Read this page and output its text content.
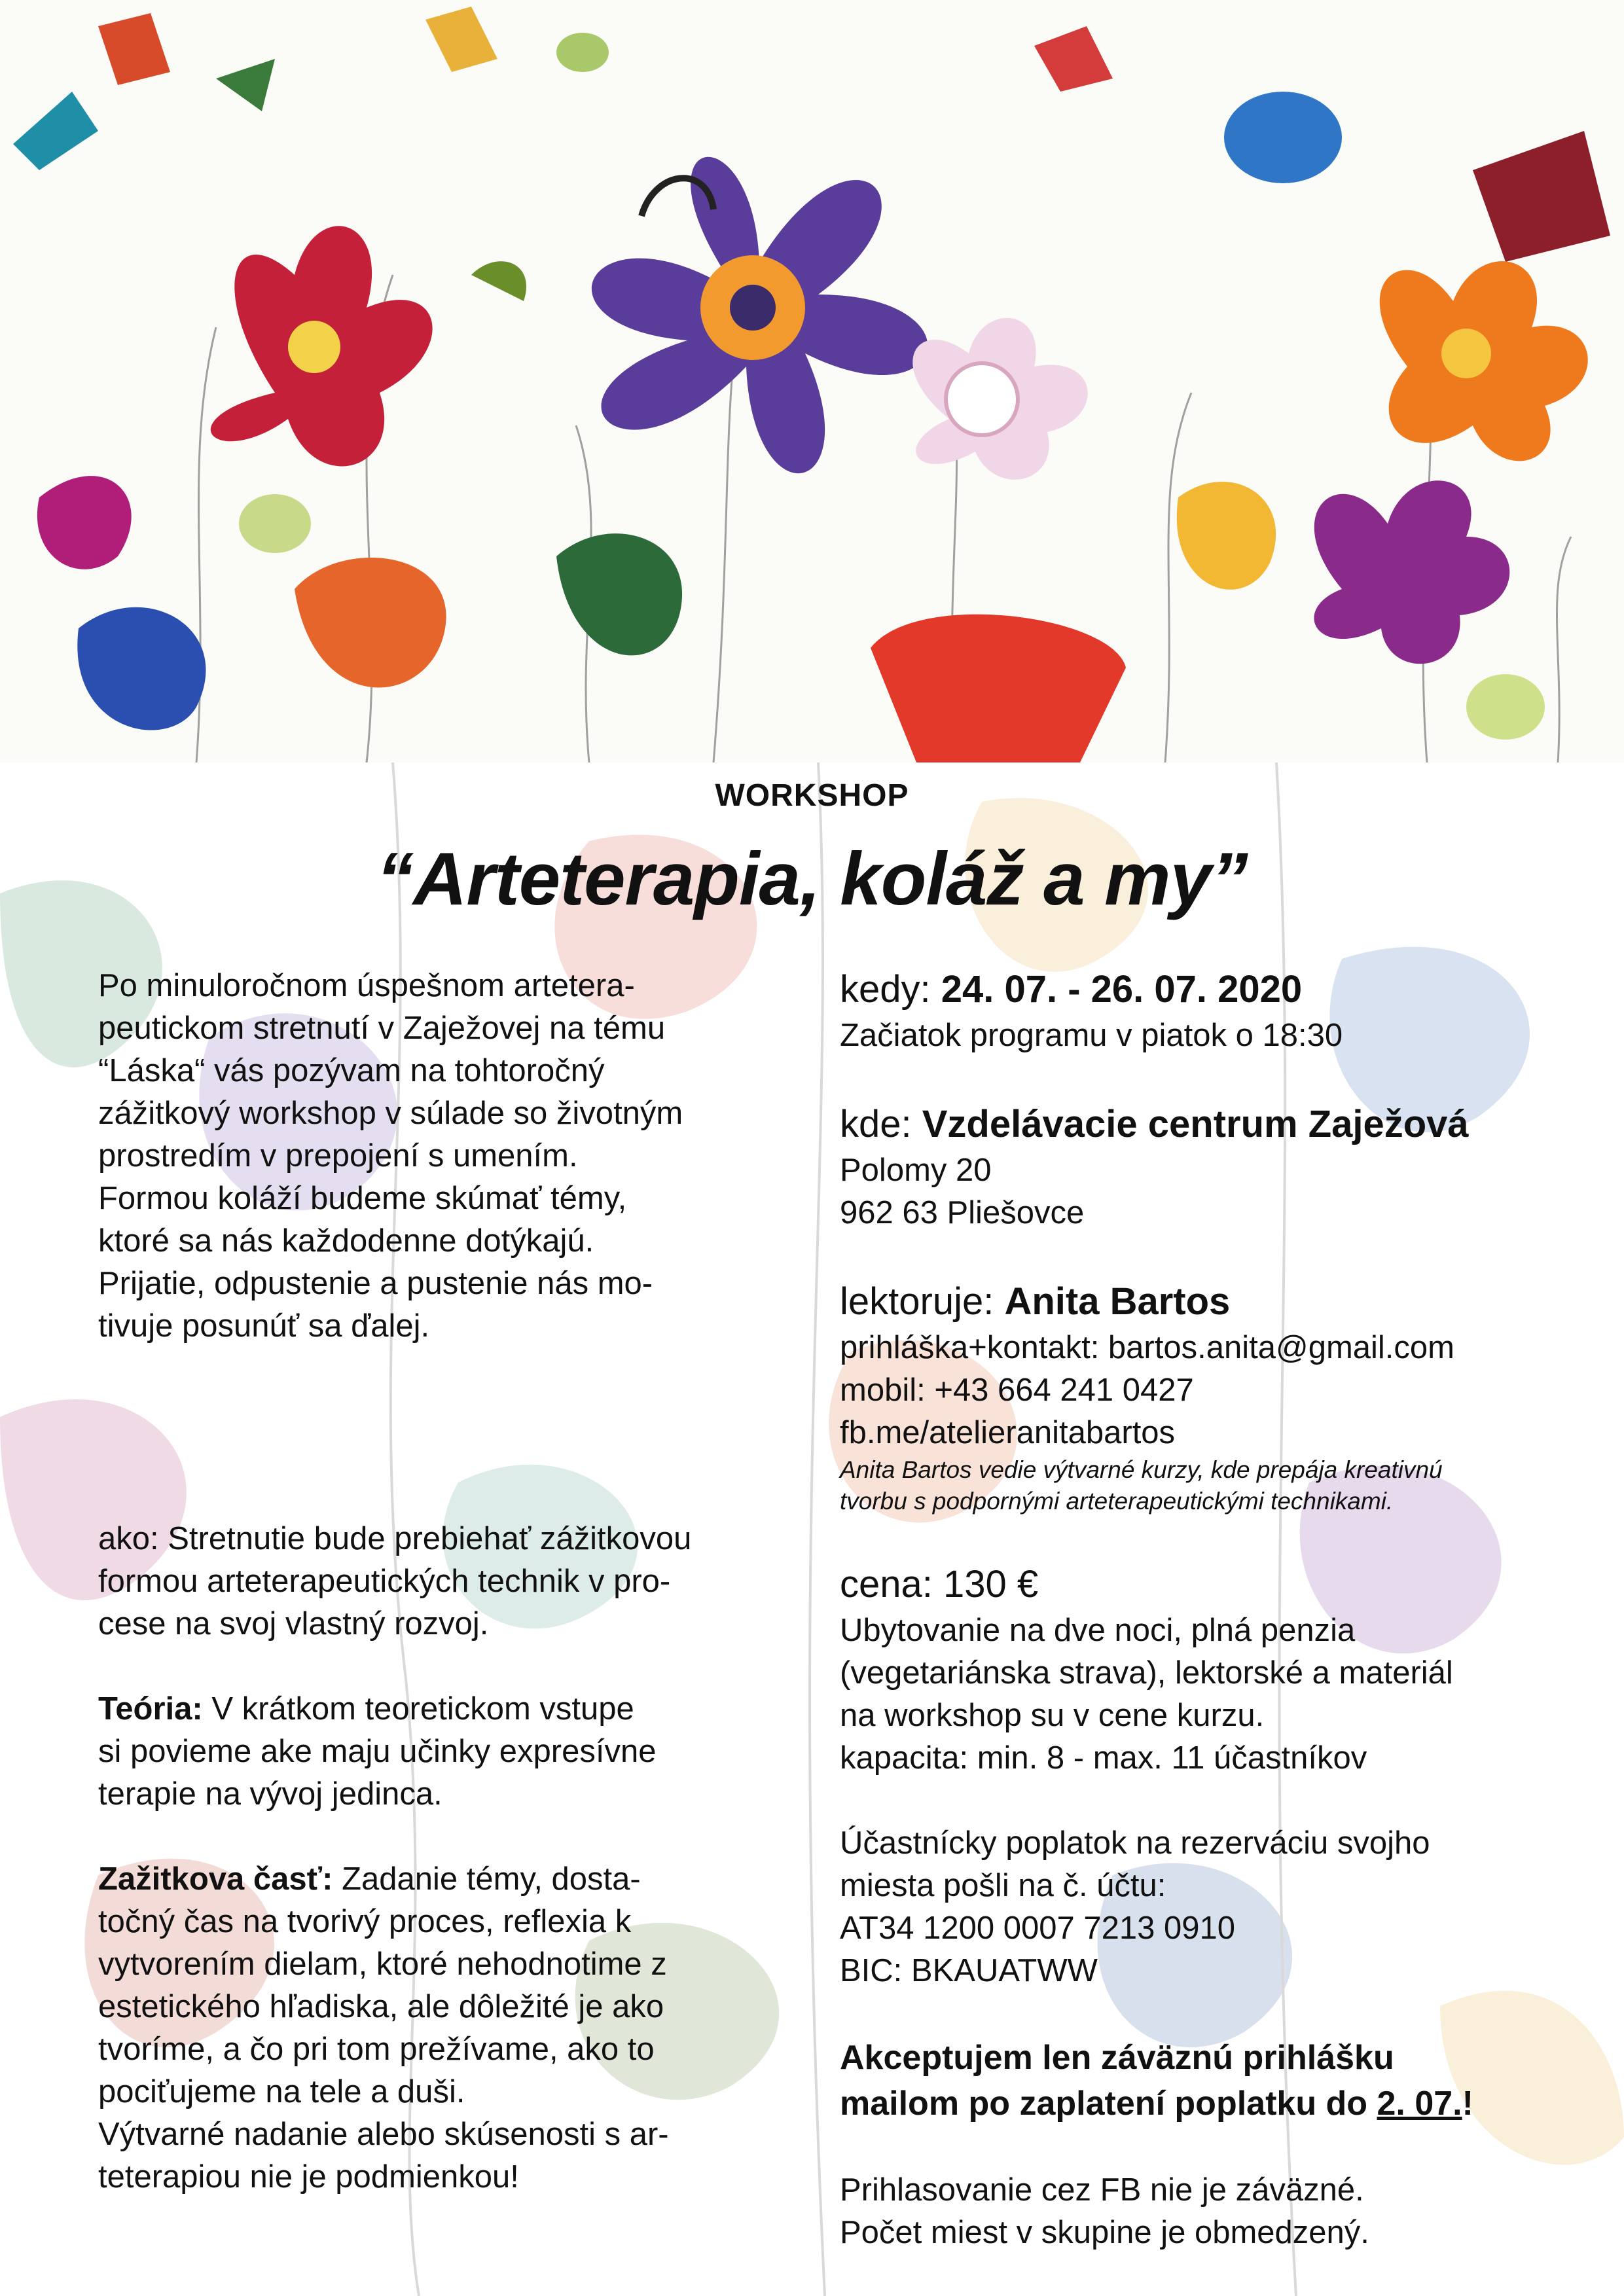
WORKSHOP
“Arteterapia, koláž a my”

Po minuloročnom úspešnom artetera-

peutickom stretnutí v Zaježovej na tému

“Láska“ vás pozývam na tohtoročný

zážitkový workshop v súlade so životným

prostredím v prepojení s umením.

Formou koláží budeme skúmať témy,

ktoré sa nás každodenne dotýkajú.

Prijatie, odpustenie a pustenie nás mo-

tivuje posunúť sa ďalej.

ako: Stretnutie bude prebiehať zážitkovou

formou arteterapeutických technik v pro-

cese na svoj vlastný rozvoj.

Teória: V krátkom teoretickom vstupe

si povieme ake maju učinky expresívne

terapie na vývoj jedinca.

Zažitkova časť: Zadanie témy, dosta-

točný čas na tvorivý proces, reflexia k

vytvorením dielam, ktoré nehodnotime z

estetického hľadiska, ale dôležité je ako

tvoríme, a čo pri tom prežívame, ako to

pociťujeme na tele a duši.

Výtvarné nadanie alebo skúsenosti s ar-

teterapiou nie je podmienkou!

kedy: 24. 07. - 26. 07. 2020

Začiatok programu v piatok o 18:30

kde: Vzdelávacie centrum Zaježová

Polomy 20

962 63 Pliešovce

lektoruje: Anita Bartos

prihláška+kontakt: bartos.anita@gmail.com

mobil: +43 664 241 0427

fb.me/atelieranitabartos

Anita Bartos vedie výtvarné kurzy, kde prepája kreativnú

tvorbu s podpornými arteterapeutickými technikami.

cena: 130 €

Ubytovanie na dve noci, plná penzia

(vegetariánska strava), lektorské a materiál

na workshop su v cene kurzu.

kapacita: min. 8 - max. 11 účastníkov

Účastnícky poplatok na rezerváciu svojho

miesta pošli na č. účtu:

AT34 1200 0007 7213 0910

BIC: BKAUATWW

Akceptujem len záväznú prihlášku

mailom po zaplatení poplatku do 2. 07.!

Prihlasovanie cez FB nie je záväzné.

Počet miest v skupine je obmedzený.
